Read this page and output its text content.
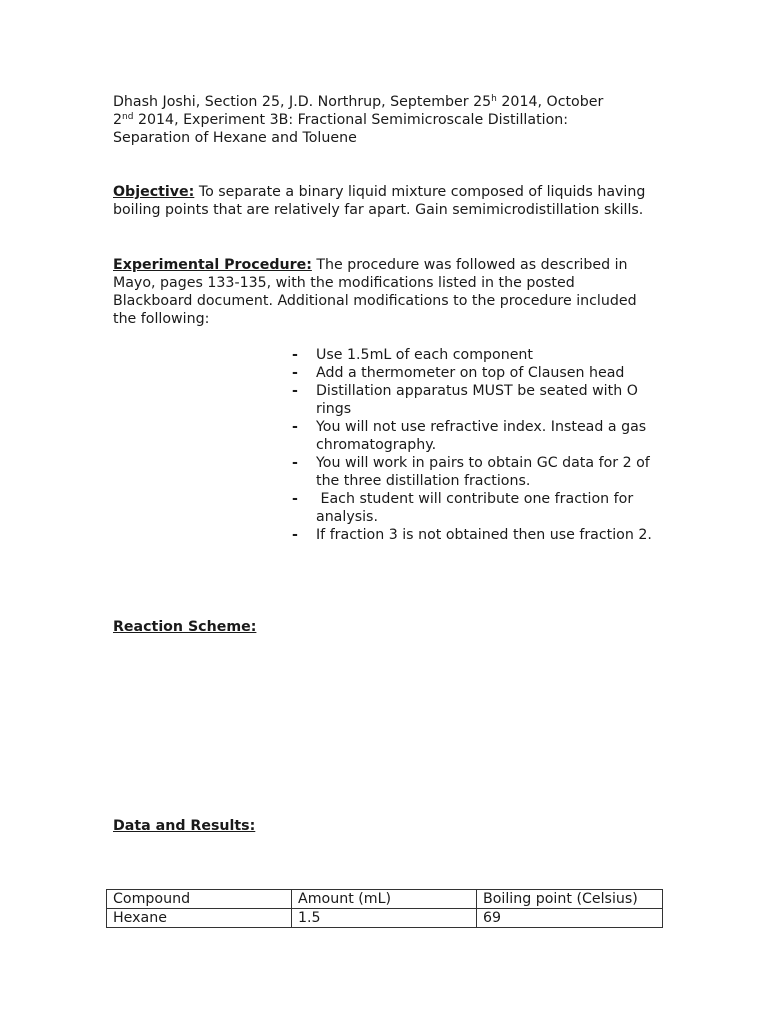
Dhash Joshi, Section 25, J.D. Northrup, September 25$^h$ 2014, October
2nd 2014, Experiment 3B: Fractional Semimicroscale Distillation:
Separation of Hexane and Toluene
Objective: To separate a binary liquid mixture composed of liquids having boiling points that are relatively far apart. Gain semimicrodistillation skills.
Experimental Procedure: The procedure was followed as described in Mayo, pages 133-135, with the modifications listed in the posted Blackboard document. Additional modifications to the procedure included the following:
- Use 1.5mL of each component
- Add a thermometer on top of Clausen head
- Distillation apparatus MUST be seated with O rings
- You will not use refractive index. Instead a gas chromatography.
- You will work in pairs to obtain GC data for 2 of the three distillation fractions.
- Each student will contribute one fraction for analysis.
- If fraction 3 is not obtained then use fraction 2.
Reaction Scheme:
Data and Results:
Compound	Amount (mL)	Boiling point (Celsius)
Hexane	1.5	69
